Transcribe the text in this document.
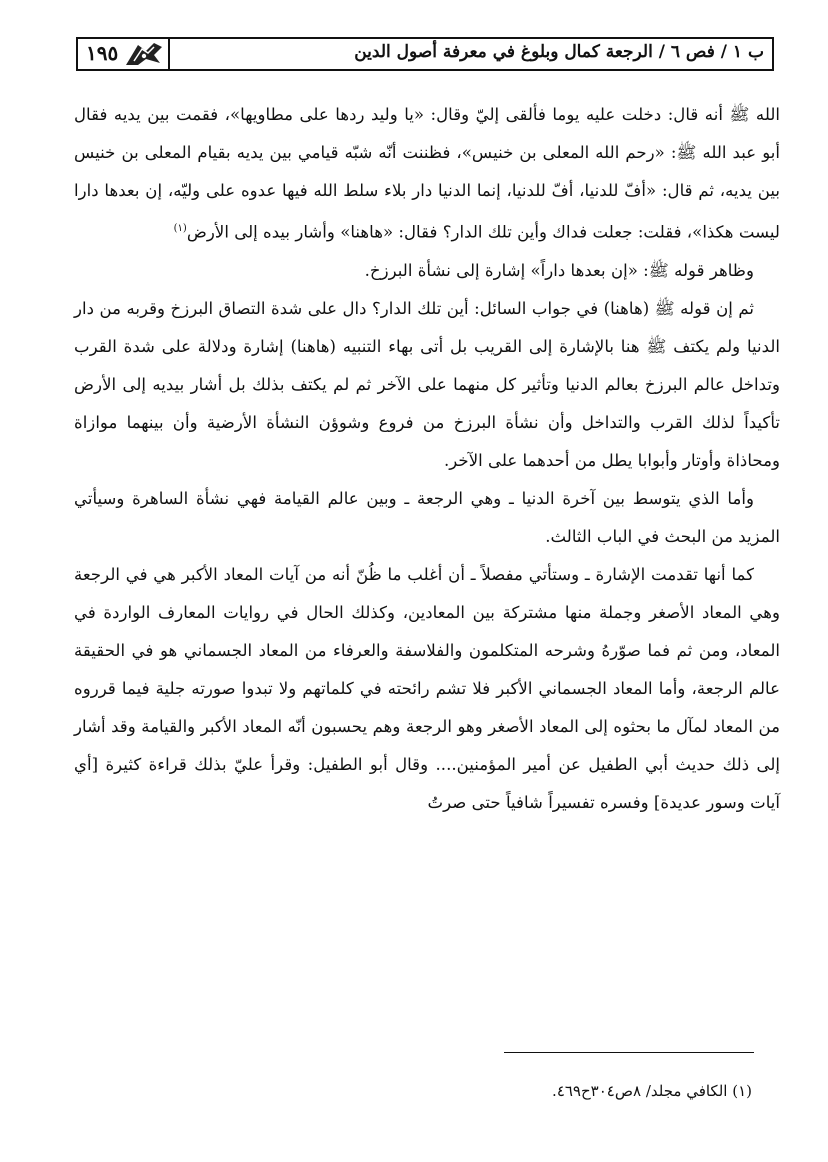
ب ١ / فص ٦ / الرجعة كمال وبلوغ في معرفة أصول الدين
١٩٥

الله ﷺ أنه قال: دخلت عليه يوما فألقى إليّ وقال: «يا وليد ردها على مطاويها»، فقمت بين يديه فقال أبو عبد الله ﷺ: «رحم الله المعلى بن خنيس»، فظننت أنّه شبّه قيامي بين يديه بقيام المعلى بن خنيس بين يديه، ثم قال: «أفّ للدنيا، أفّ للدنيا، إنما الدنيا دار بلاء سلط الله فيها عدوه على وليّه، إن بعدها دارا ليست هكذا»، فقلت: جعلت فداك وأين تلك الدار؟ فقال: «هاهنا» وأشار بيده إلى الأرض$^{(١)}$

وظاهر قوله ﷺ: «إن بعدها داراً» إشارة إلى نشأة البرزخ.

ثم إن قوله ﷺ (هاهنا) في جواب السائل: أين تلك الدار؟ دال على شدة التصاق البرزخ وقربه من دار الدنيا ولم يكتف ﷺ هنا بالإشارة إلى القريب بل أتى بهاء التنبيه (هاهنا) إشارة ودلالة على شدة القرب وتداخل عالم البرزخ بعالم الدنيا وتأثير كل منهما على الآخر ثم لم يكتف بذلك بل أشار بيديه إلى الأرض تأكيداً لذلك القرب والتداخل وأن نشأة البرزخ من فروع وشوؤن النشأة الأرضية وأن بينهما موازاة ومحاذاة وأوتار وأبوابا يطل من أحدهما على الآخر.

وأما الذي يتوسط بين آخرة الدنيا ـ وهي الرجعة ـ وبين عالم القيامة فهي نشأة الساهرة وسيأتي المزيد من البحث في الباب الثالث.

كما أنها تقدمت الإشارة ـ وستأتي مفصلاً ـ أن أغلب ما ظُنّ أنه من آيات المعاد الأكبر هي في الرجعة وهي المعاد الأصغر وجملة منها مشتركة بين المعادين، وكذلك الحال في روايات المعارف الواردة في المعاد، ومن ثم فما صوّرهُ وشرحه المتكلمون والفلاسفة والعرفاء من المعاد الجسماني هو في الحقيقة عالم الرجعة، وأما المعاد الجسماني الأكبر فلا تشم رائحته في كلماتهم ولا تبدوا صورته جلية فيما قرروه من المعاد لمآل ما بحثوه إلى المعاد الأصغر وهو الرجعة وهم يحسبون أنّه المعاد الأكبر والقيامة وقد أشار إلى ذلك حديث أبي الطفيل عن أمير المؤمنين.... وقال أبو الطفيل: وقرأ عليّ بذلك قراءة كثيرة [أي آيات وسور عديدة] وفسره تفسيراً شافياً حتى صرتُ

(١) الكافي مجلد/ ٨ص٣٠٤ح٤٦٩.
